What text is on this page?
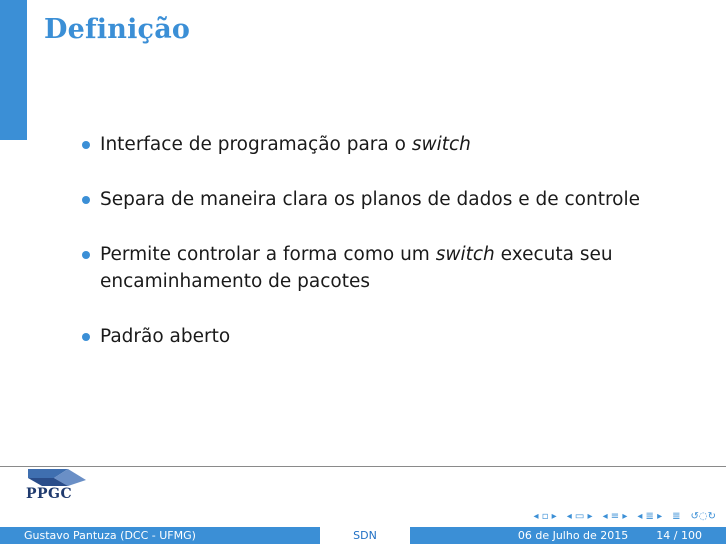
Definição
Interface de programação para o switch
Separa de maneira clara os planos de dados e de controle
Permite controlar a forma como um switch executa seu encaminhamento de pacotes
Padrão aberto
PPGC
◂ ▫ ▸ ◂ ▭ ▸ ◂ ≡ ▸ ◂ ≣ ▸ ≣ ↺◌↻
Gustavo Pantuza (DCC - UFMG)	SDN	06 de Julho de 2015	14 / 100
